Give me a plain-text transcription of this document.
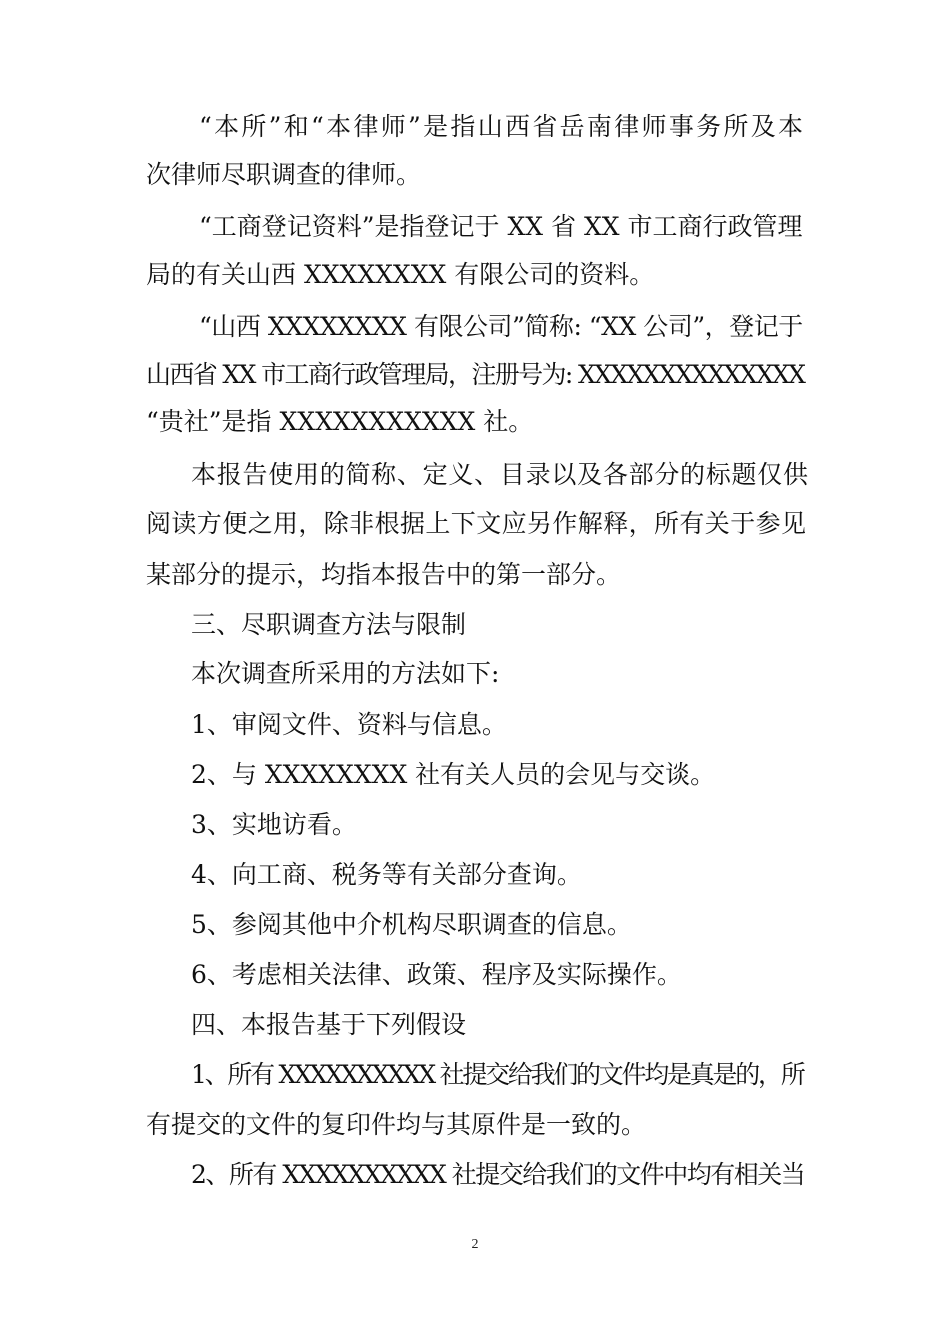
“本所”和“本律师”是指山西省岳南律师事务所及本
次律师尽职调查的律师。
“工商登记资料”是指登记于 XX 省 XX 市工商行政管理
局的有关山西 XXXXXXXX 有限公司的资料。
“山西 XXXXXXXX 有限公司”简称: “XX 公司”，登记于
山西省 XX 市工商行政管理局，注册号为: XXXXXXXXXXXXXX
“贵社”是指 XXXXXXXXXXX 社。
本报告使用的简称、定义、目录以及各部分的标题仅供
阅读方便之用，除非根据上下文应另作解释，所有关于参见
某部分的提示，均指本报告中的第一部分。
三、尽职调查方法与限制
本次调查所采用的方法如下:
1、审阅文件、资料与信息。
2、与 XXXXXXXX 社有关人员的会见与交谈。
3、实地访看。
4、向工商、税务等有关部分查询。
5、参阅其他中介机构尽职调查的信息。
6、考虑相关法律、政策、程序及实际操作。
四、本报告基于下列假设
1、所有 XXXXXXXXXX 社提交给我们的文件均是真是的，所
有提交的文件的复印件均与其原件是一致的。
2、所有 XXXXXXXXXX 社提交给我们的文件中均有相关当
2
